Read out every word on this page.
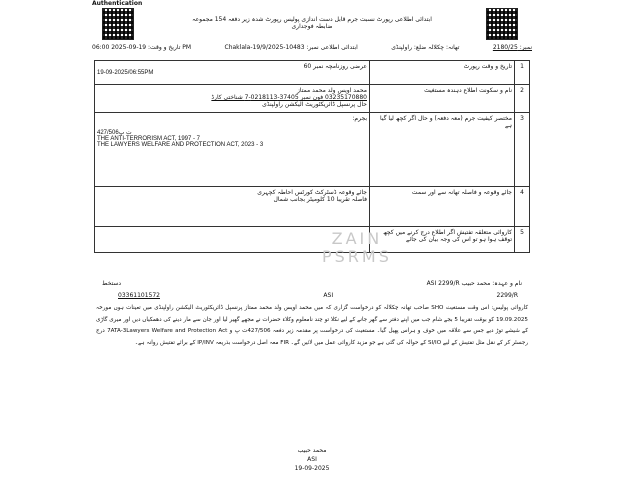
Authentication
ابتدائی اطلاعی رپورٹ نسبت جرم قابل دست اندازی پولیس رپورٹ شدہ زیر دفعہ 154 مجموعہ ضابطہ فوجداری
تاریخ و وقت: 19-09-2025 06:00 PM	Chaklala-19/9/2025-10483 :ابتدائی اطلاعی نمبر	تھانہ: چکلالہ ضلع: راولپنڈی	نمبر: 2180/25
عرضی روزنامچہ نمبر 60

19-09-2025/06:55PM	تاریخ و وقت رپورٹ	1
محمد اویس ولد محمد ممتاز
03235170880 فون نمبر 37405-0218113-7 شناختی کارڈ
حال پرنسپل ڈائریکٹوریٹ الیکشن راولپنڈی	نام و سکونت اطلاع دہندہ مستغیث	2
بجرم:

427/506ت پ
THE ANTI-TERRORISM ACT, 1997 - 7
THE LAWYERS WELFARE AND PROTECTION ACT, 2023 - 3	مختصر کیفیت جرم (معہ دفعہ) و حال اگر کچھ لیا گیا ہے	3
جائے وقوعہ ڈسٹرکٹ کورٹس احاطہ کچہری
فاصلہ تقریبا 10 کلومیٹر بجانب شمال	جائے وقوعہ و فاصلہ تھانہ سے اور سمت	4
	کاروائی متعلقہ تفتیش اگر اطلاع درج کرنے میں کچھ توقف ہوا ہو تو اس کی وجہ بیان کی جائے	5
ZAIN
PSRMS
نام و عہدہ: محمد حبیب ASI 2299/R
دستخط
03361101572	ASI	2299/R
کاروائی پولیس: اس وقت مستغیث SHO صاحب تھانہ چکلالہ کو درخواست گزاری کہ میں محمد اویس ولد محمد ممتاز پرنسپل ڈائریکٹوریٹ الیکشن راولپنڈی میں تعینات ہوں مورخہ 19.09.2025 کو بوقت تقریبا 5 بجے شام جب میں اپنے دفتر سے گھر جانے کے لیے نکلا تو چند نامعلوم وکلاء حضرات نے مجھے گھیر لیا اور جان سے مار دینے کی دھمکیاں دیں اور میری گاڑی کے شیشے توڑ دیے جس سے علاقہ میں خوف و ہراس پھیل گیا۔ مستغیث کی درخواست پر مقدمہ زیر دفعہ 427/506ت پ و 7ATA-3Lawyers Welfare and Protection Act درج رجسٹر کر کے نقل مثل تفتیش کے لیے SI/IO کے حوالہ کی گئی ہے جو مزید کاروائی عمل میں لائیں گے۔ FIR معہ اصل درخواست بذریعہ IP/INV کے برائے تفتیش روانہ ہے۔
محمد حبیب
ASI
19-09-2025
